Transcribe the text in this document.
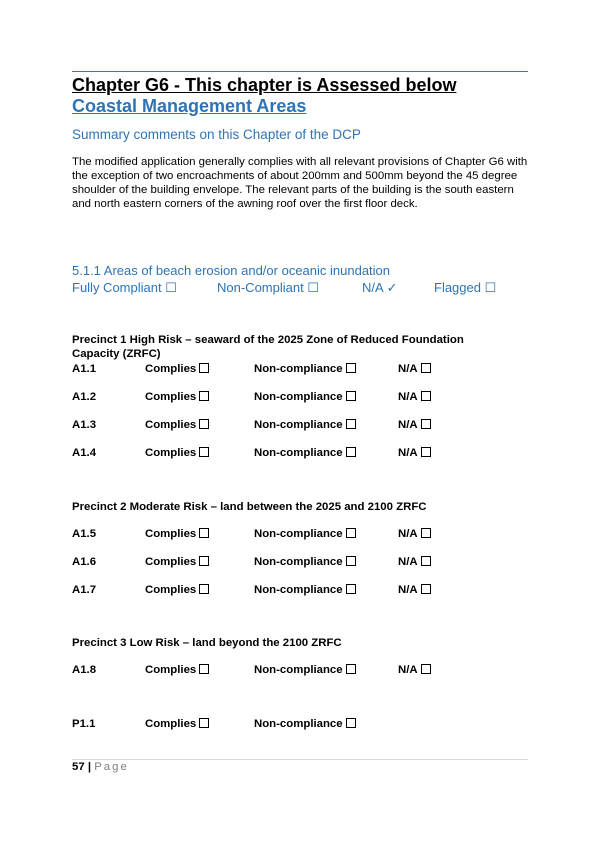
Chapter G6 - This chapter is Assessed below
Coastal Management Areas
Summary comments on this Chapter of the DCP
The modified application generally complies with all relevant provisions of Chapter G6 with the exception of two encroachments of about 200mm and 500mm beyond the 45 degree shoulder of the building envelope. The relevant parts of the building is the south eastern and north eastern corners of the awning roof over the first floor deck.
5.1.1 Areas of beach erosion and/or oceanic inundation
Fully Compliant ☐	Non-Compliant ☐	N/A ✓	Flagged ☐
Precinct 1 High Risk – seaward of the 2025 Zone of Reduced Foundation Capacity (ZRFC)
Precinct 2 Moderate Risk – land between the 2025 and 2100 ZRFC
Precinct 3 Low Risk – land beyond the 2100 ZRFC
A1.1	Complies	Non-compliance	N/A
A1.2	Complies	Non-compliance	N/A
A1.3	Complies	Non-compliance	N/A
A1.4	Complies	Non-compliance	N/A
A1.5	Complies	Non-compliance	N/A
A1.6	Complies	Non-compliance	N/A
A1.7	Complies	Non-compliance	N/A
A1.8	Complies	Non-compliance	N/A
P1.1	Complies	Non-compliance
57 | Page
